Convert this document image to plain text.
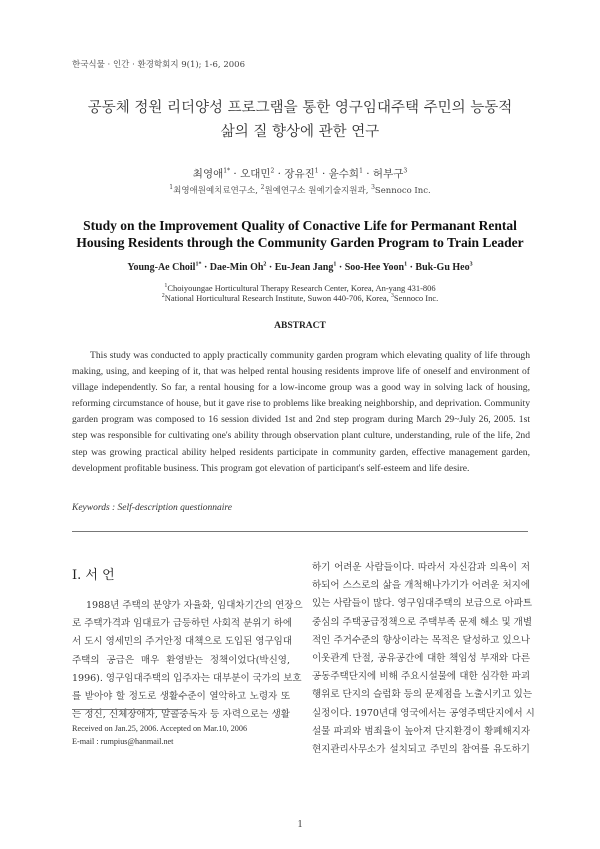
한국식물 · 인간 · 환경학회지 9(1); 1-6, 2006
공동체 정원 리더양성 프로그램을 통한 영구임대주택 주민의 능동적
삶의 질 향상에 관한 연구
최영애$^{1*}$ · 오대민$^2$ · 장유진$^1$ · 윤수희$^1$ · 허부구$^3$
$^1$최영애원예치료연구소, $^2$원예연구소 원예기술지원과, $^3$Sennoco Inc.
Study on the Improvement Quality of Conactive Life for Permanant Rental
Housing Residents through the Community Garden Program to Train Leader
Young-Ae Choil$^{1*}$ · Dae-Min $Oh^2$ · Eu-Jean Jang$^1$ · Soo-Hee Yoon$^1$ · Buk-Gu Heo$^3$
$^1$Choiyoungae Horticultural Therapy Research Center, Korea, An-yang 431-806
$^2$National Horticultural Research Institute, Suwon 440-706, Korea, $^3$Sennoco Inc.
ABSTRACT
This study was conducted to apply practically community garden program which elevating quality of life through making, using, and keeping of it, that was helped rental housing residents improve life of oneself and environment of village independently. So far, a rental housing for a low-income group was a good way in solving lack of housing, reforming circumstance of house, but it gave rise to problems like breaking neighborship, and deprivation. Community garden program was composed to 16 session divided 1st and 2nd step program during March 29~July 26, 2005. 1st step was responsible for cultivating one's ability through observation plant culture, understanding, rule of the life, 2nd step was growing practical ability helped residents participate in community garden, effective management garden, development profitable business. This program got elevation of participant's self-esteem and life desire.
Keywords : Self-description questionnaire
I. 서 언
1988년 주택의 분양가 자율화, 임대차기간의 연장으
로 주택가격과 임대료가 급등하던 사회적 분위기 하에
서 도시 영세민의 주거안정 대책으로 도입된 영구임대
주택의 공급은 매우 환영받는 정책이었다(박신영,
1996). 영구임대주택의 입주자는 대부분이 국가의 보호
를 받아야 할 정도로 생활수준이 열악하고 노령자 또
는 정신, 신체장애자, 알콜중독자 등 자력으로는 생활
하기 어려운 사람들이다. 따라서 자신감과 의욕이 저
하되어 스스로의 삶을 개척해나가기가 어려운 처지에
있는 사람들이 많다. 영구임대주택의 보급으로 아파트
중심의 주택공급정책으로 주택부족 문제 해소 및 개별
적인 주거수준의 향상이라는 목적은 달성하고 있으나
이웃관계 단절, 공유공간에 대한 책임성 부재와 다른
공동주택단지에 비해 주요시설물에 대한 심각한 파괴
행위로 단지의 슬럼화 등의 문제점을 노출시키고 있는
실정이다. 1970년대 영국에서는 공영주택단지에서 시
설물 파괴와 범죄율이 높아져 단지환경이 황폐해지자
현지관리사무소가 설치되고 주민의 참여를 유도하기
Received on Jan.25, 2006. Accepted on Mar.10, 2006
E-mail : rumpius@hanmail.net
1
